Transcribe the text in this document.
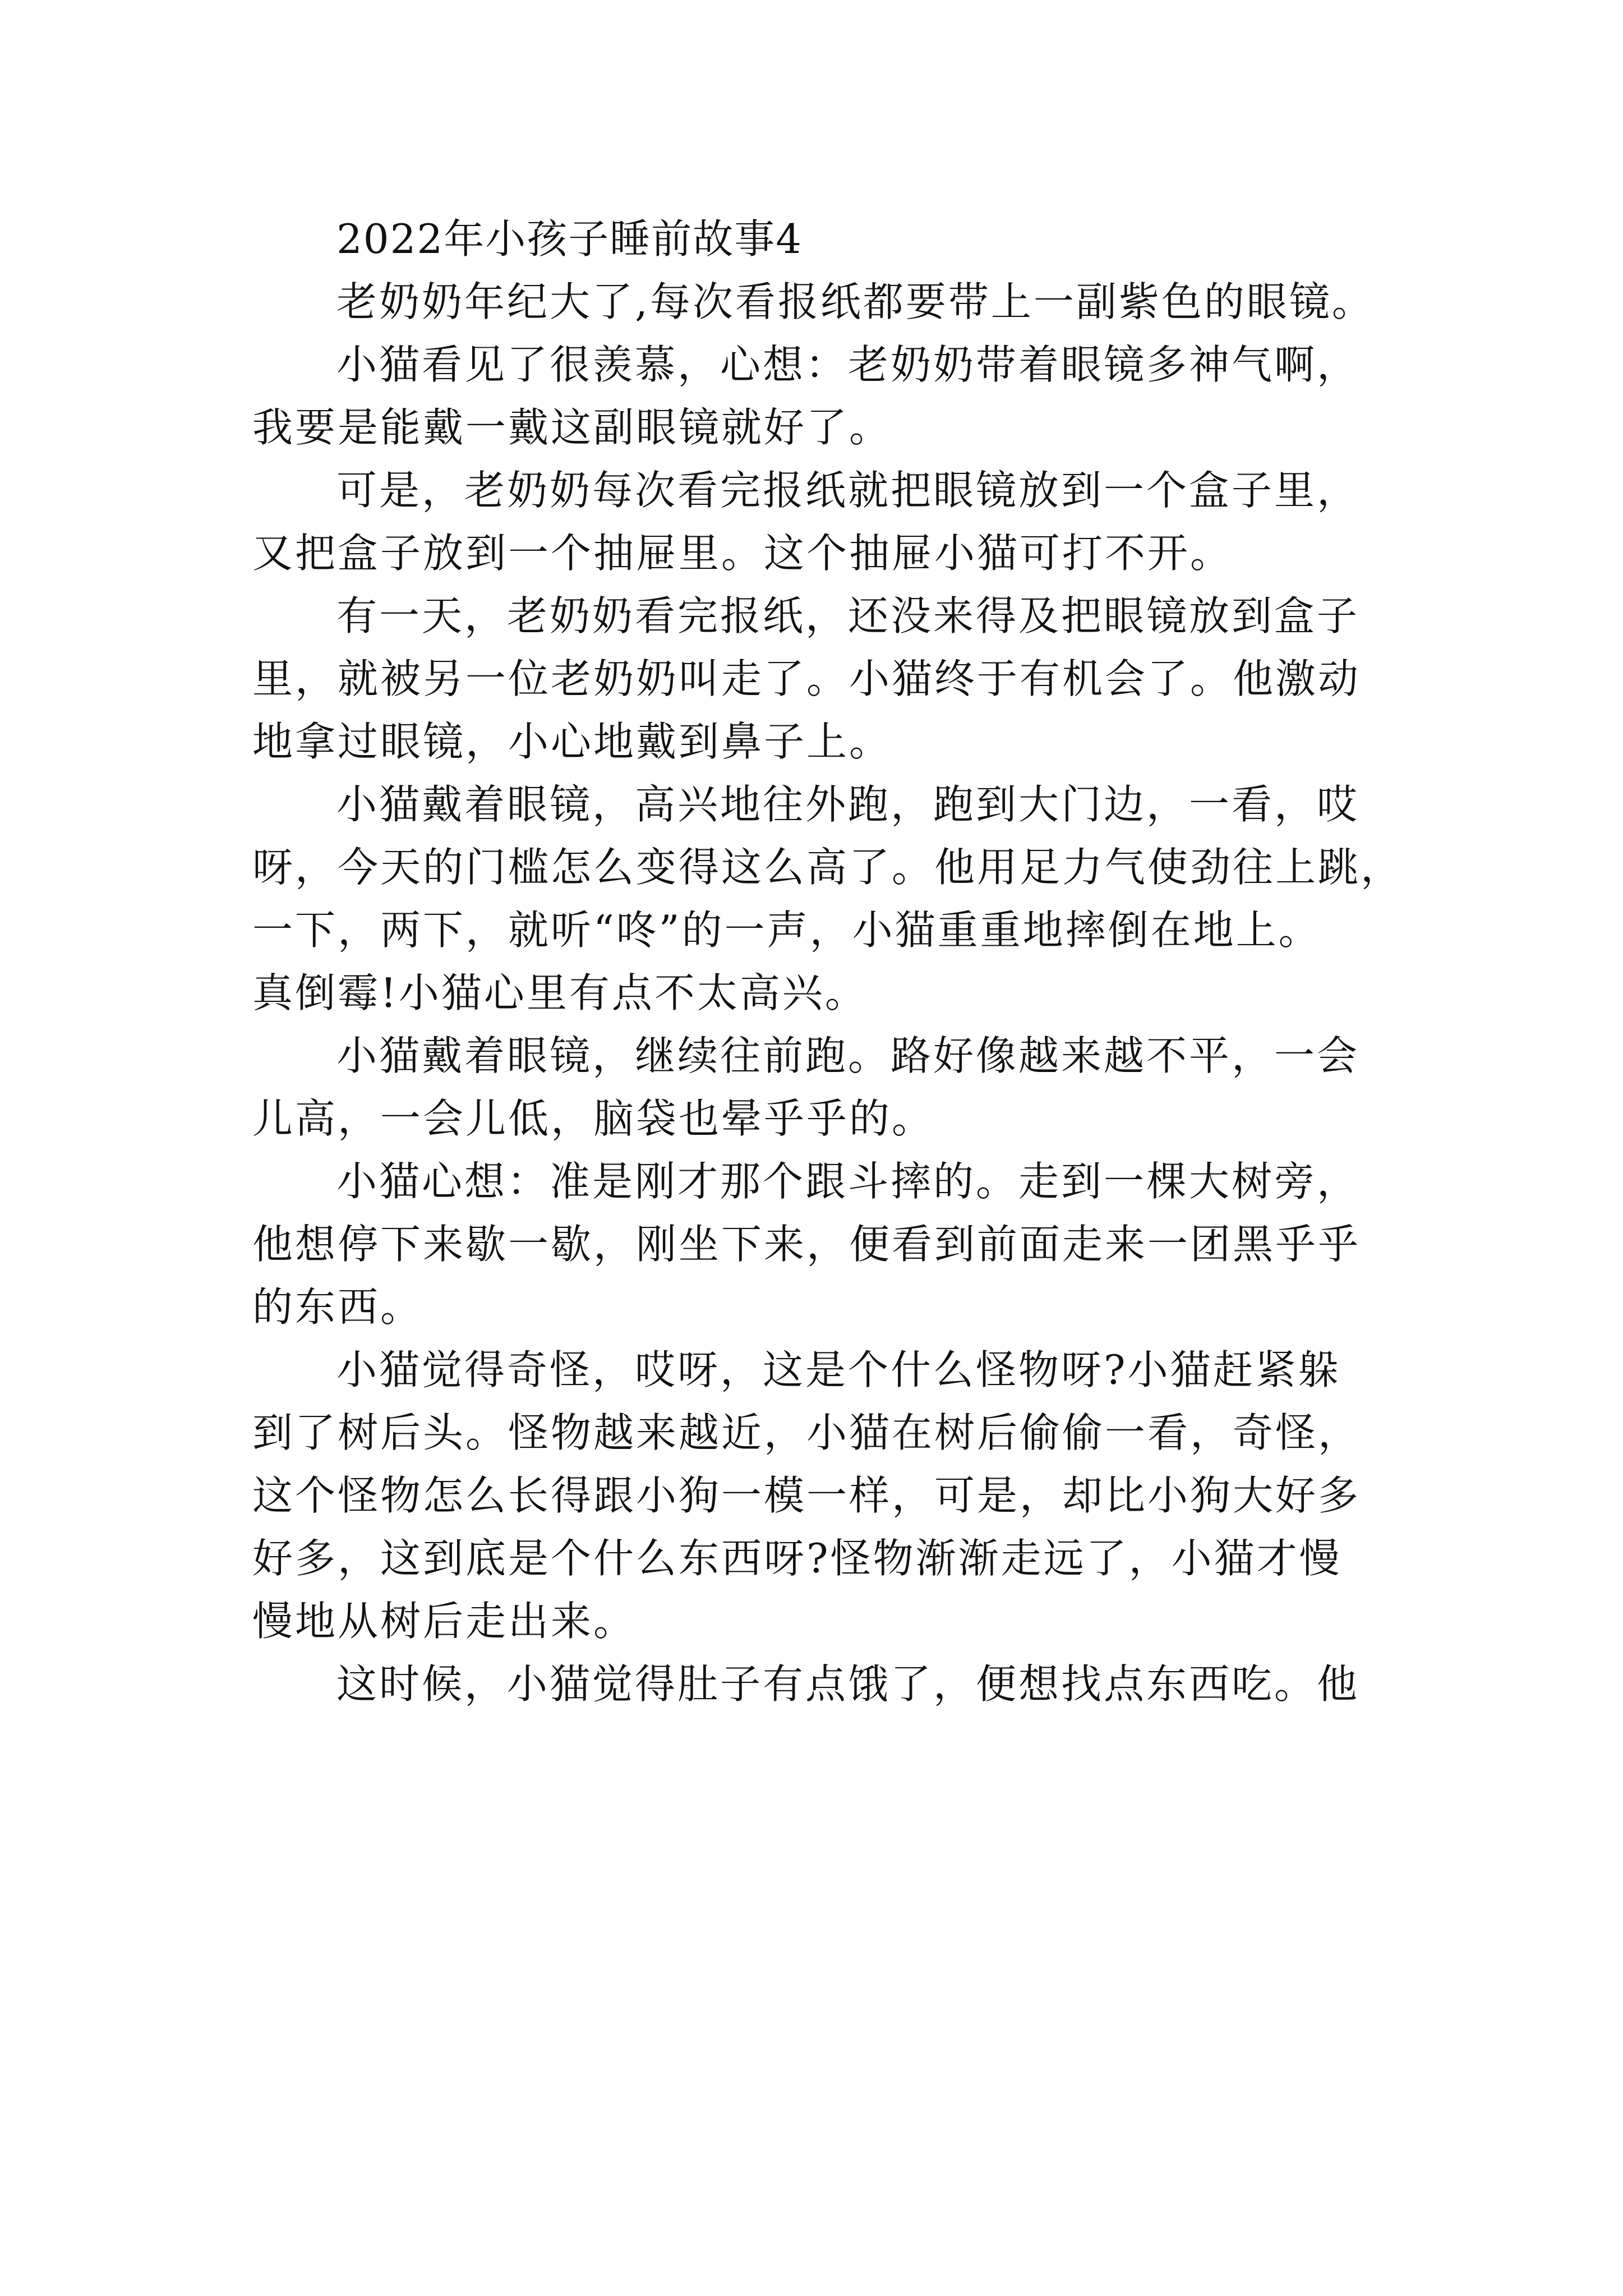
2022年小孩子睡前故事4

老奶奶年纪大了,每次看报纸都要带上一副紫色的眼镜。

小猫看见了很羡慕，心想：老奶奶带着眼镜多神气啊，

我要是能戴一戴这副眼镜就好了。

可是，老奶奶每次看完报纸就把眼镜放到一个盒子里，

又把盒子放到一个抽屉里。这个抽屉小猫可打不开。

有一天，老奶奶看完报纸，还没来得及把眼镜放到盒子

里，就被另一位老奶奶叫走了。小猫终于有机会了。他激动

地拿过眼镜，小心地戴到鼻子上。

小猫戴着眼镜，高兴地往外跑，跑到大门边，一看，哎

呀，今天的门槛怎么变得这么高了。他用足力气使劲往上跳，

一下，两下，就听“咚”的一声，小猫重重地摔倒在地上。

真倒霉!小猫心里有点不太高兴。

小猫戴着眼镜，继续往前跑。路好像越来越不平，一会

儿高，一会儿低，脑袋也晕乎乎的。

小猫心想：准是刚才那个跟斗摔的。走到一棵大树旁，

他想停下来歇一歇，刚坐下来，便看到前面走来一团黑乎乎

的东西。

小猫觉得奇怪，哎呀，这是个什么怪物呀?小猫赶紧躲

到了树后头。怪物越来越近，小猫在树后偷偷一看，奇怪，

这个怪物怎么长得跟小狗一模一样，可是，却比小狗大好多

好多，这到底是个什么东西呀?怪物渐渐走远了，小猫才慢

慢地从树后走出来。

这时候，小猫觉得肚子有点饿了，便想找点东西吃。他
